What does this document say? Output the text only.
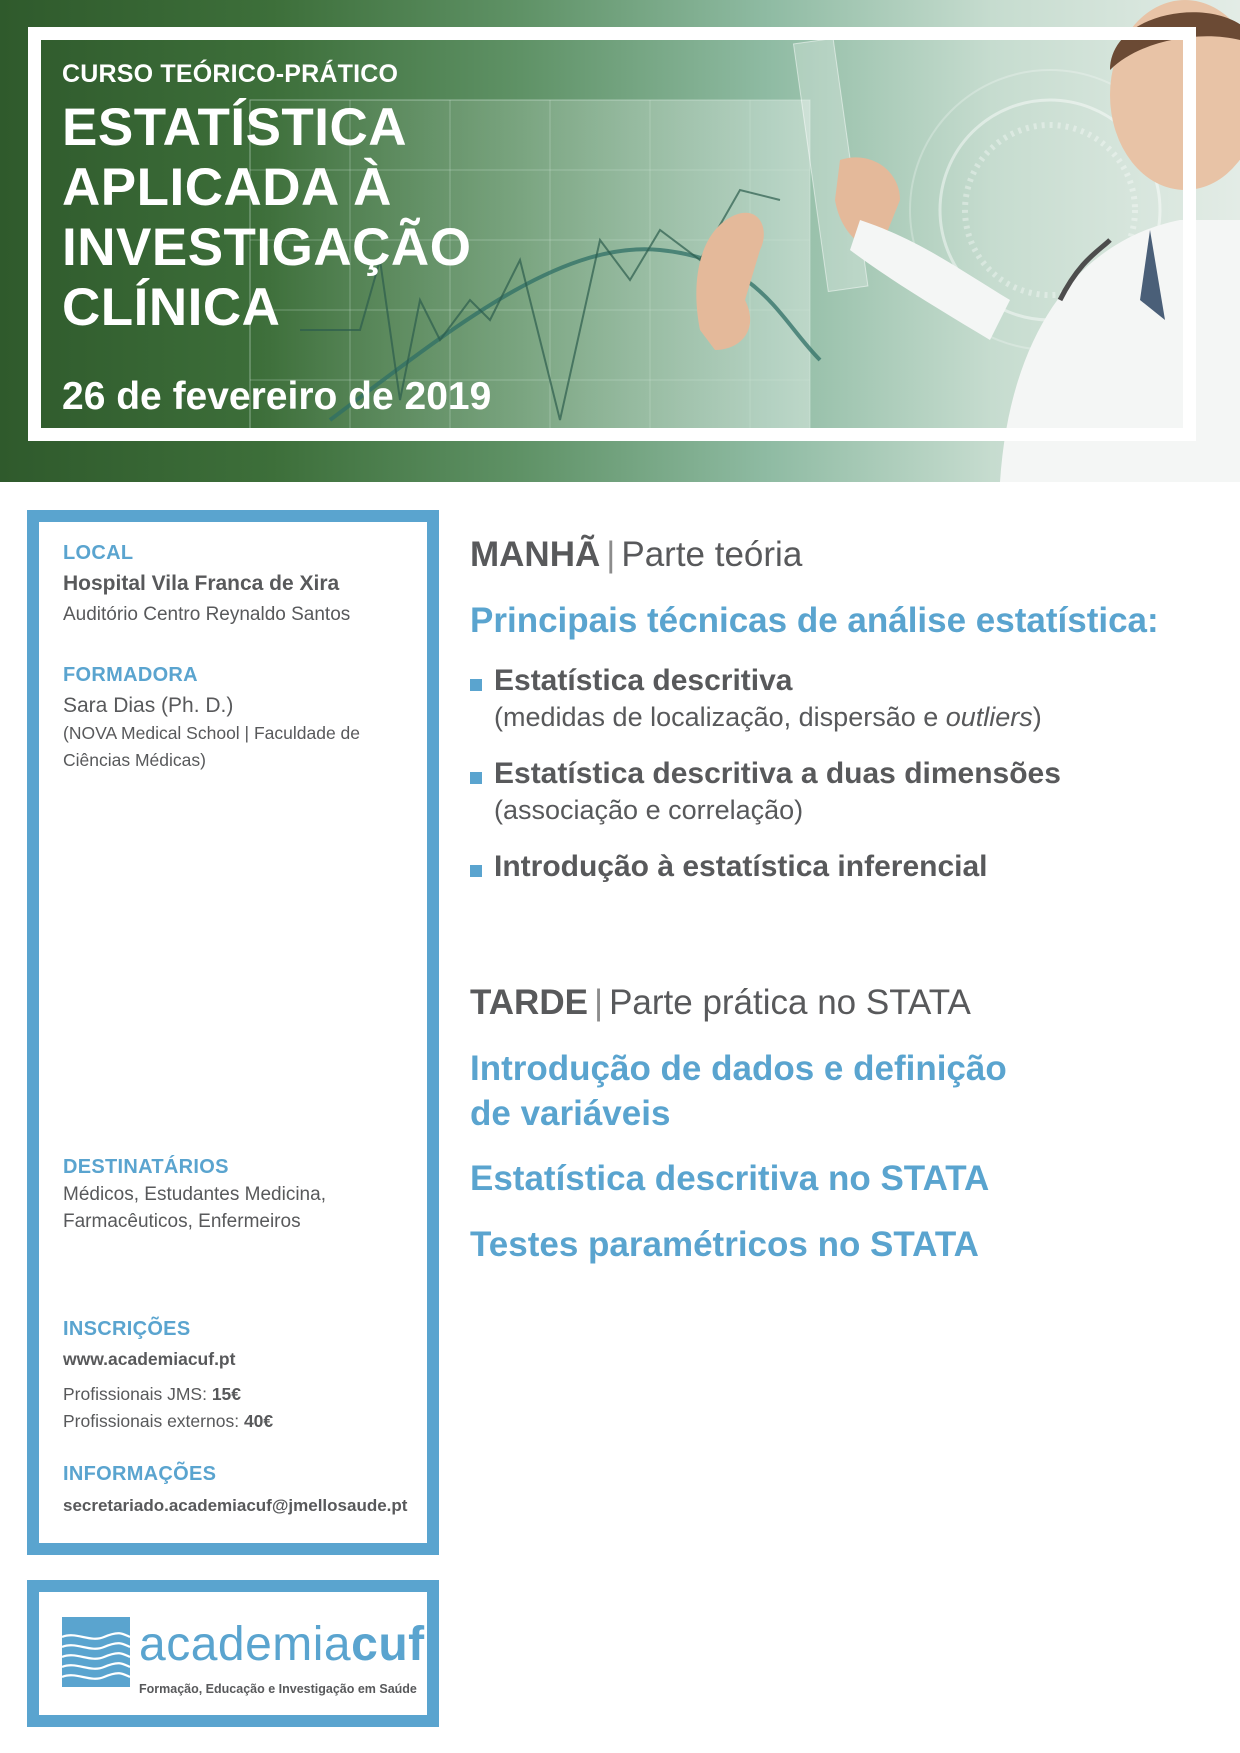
CURSO TEÓRICO-PRÁTICO
ESTATÍSTICA
APLICADA À
INVESTIGAÇÃO
CLÍNICA
26 de fevereiro de 2019
LOCAL
Hospital Vila Franca de Xira
Auditório Centro Reynaldo Santos
FORMADORA
Sara Dias (Ph. D.)
(NOVA Medical School | Faculdade de
Ciências Médicas)
DESTINATÁRIOS
Médicos, Estudantes Medicina,
Farmacêuticos, Enfermeiros
INSCRIÇÕES
www.academiacuf.pt
Profissionais JMS: 15€
Profissionais externos: 40€
INFORMAÇÕES
secretariado.academiacuf@jmellosaude.pt
academiacuf
Formação, Educação e Investigação em Saúde
MANHÃ | Parte teória
Principais técnicas de análise estatística:
Estatística descritiva
(medidas de localização, dispersão e outliers)
Estatística descritiva a duas dimensões
(associação e correlação)
Introdução à estatística inferencial
TARDE | Parte prática no STATA
Introdução de dados e definição
de variáveis
Estatística descritiva no STATA
Testes paramétricos no STATA
